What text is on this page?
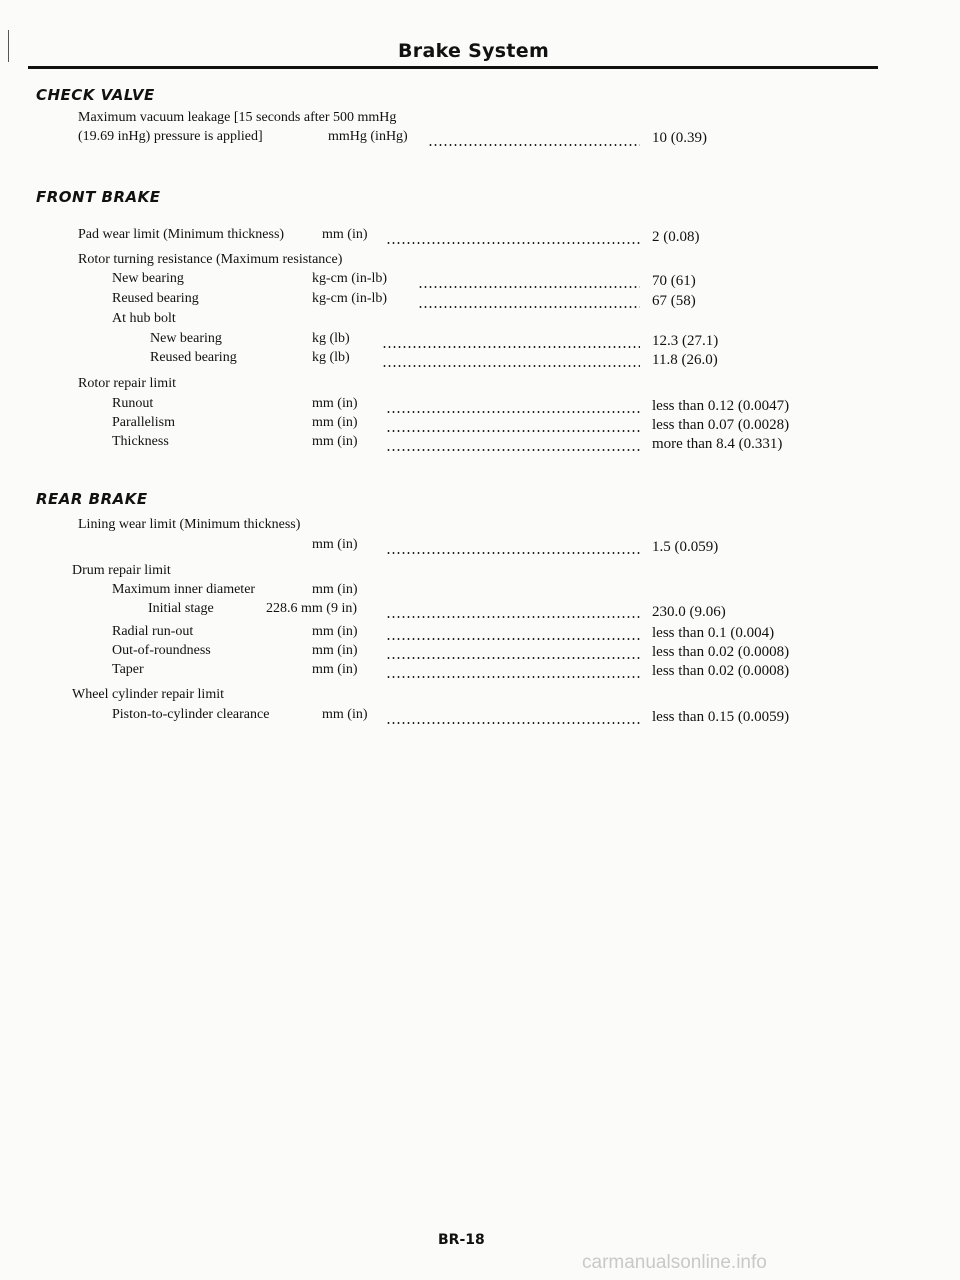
Brake System
CHECK VALVE
Maximum vacuum leakage [15 seconds after 500 mmHg
(19.69 inHg) pressure is applied]	mmHg (inHg)	10 (0.39)
FRONT BRAKE
Pad wear limit (Minimum thickness)	mm (in)	2 (0.08)
Rotor turning resistance (Maximum resistance)
New bearing	kg-cm (in-lb)	70 (61)
Reused bearing	kg-cm (in-lb)	67 (58)
At hub bolt
New bearing	kg (lb)	12.3 (27.1)
Reused bearing	kg (lb)	11.8 (26.0)
Rotor repair limit
Runout	mm (in)	less than 0.12 (0.0047)
Parallelism	mm (in)	less than 0.07 (0.0028)
Thickness	mm (in)	more than 8.4 (0.331)
REAR BRAKE
Lining wear limit (Minimum thickness)
mm (in)	1.5 (0.059)
Drum repair limit
Maximum inner diameter	mm (in)
Initial stage	228.6 mm (9 in)	230.0 (9.06)
Radial run-out	mm (in)	less than 0.1 (0.004)
Out-of-roundness	mm (in)	less than 0.02 (0.0008)
Taper	mm (in)	less than 0.02 (0.0008)
Wheel cylinder repair limit
Piston-to-cylinder clearance	mm (in)	less than 0.15 (0.0059)
BR-18
carmanualsonline.info
